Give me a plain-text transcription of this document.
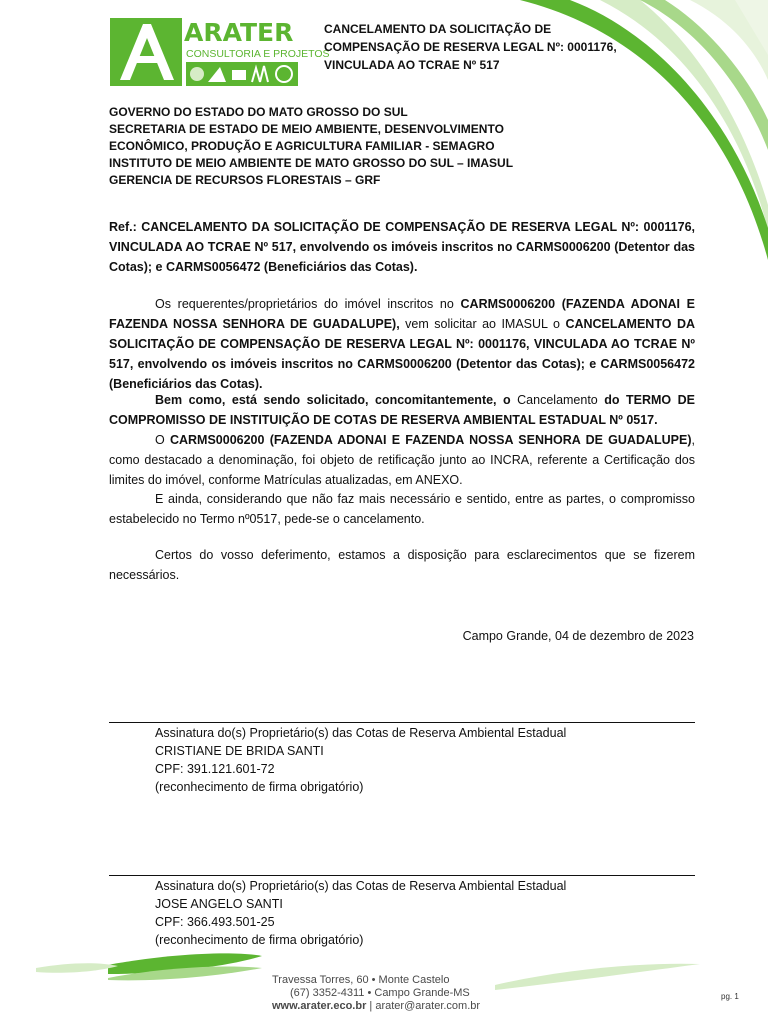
ARATER
CONSULTORIA E PROJETOS
CANCELAMENTO DA SOLICITAÇÃO DE COMPENSAÇÃO DE RESERVA LEGAL Nº: 0001176, VINCULADA AO TCRAE Nº 517
GOVERNO DO ESTADO DO MATO GROSSO DO SUL
SECRETARIA DE ESTADO DE MEIO AMBIENTE, DESENVOLVIMENTO
ECONÔMICO, PRODUÇÃO E AGRICULTURA FAMILIAR - SEMAGRO
INSTITUTO DE MEIO AMBIENTE DE MATO GROSSO DO SUL – IMASUL
GERENCIA DE RECURSOS FLORESTAIS – GRF
Ref.: CANCELAMENTO DA SOLICITAÇÃO DE COMPENSAÇÃO DE RESERVA LEGAL Nº: 0001176, VINCULADA AO TCRAE Nº 517, envolvendo os imóveis inscritos no CARMS0006200 (Detentor das Cotas); e CARMS0056472 (Beneficiários das Cotas).
Os requerentes/proprietários do imóvel inscritos no CARMS0006200 (FAZENDA ADONAI E FAZENDA NOSSA SENHORA DE GUADALUPE), vem solicitar ao IMASUL o CANCELAMENTO DA SOLICITAÇÃO DE COMPENSAÇÃO DE RESERVA LEGAL Nº: 0001176, VINCULADA AO TCRAE Nº 517, envolvendo os imóveis inscritos no CARMS0006200 (Detentor das Cotas); e CARMS0056472 (Beneficiários das Cotas).
Bem como, está sendo solicitado, concomitantemente, o Cancelamento do TERMO DE COMPROMISSO DE INSTITUIÇÃO DE COTAS DE RESERVA AMBIENTAL ESTADUAL Nº 0517.
O CARMS0006200 (FAZENDA ADONAI E FAZENDA NOSSA SENHORA DE GUADALUPE), como destacado a denominação, foi objeto de retificação junto ao INCRA, referente a Certificação dos limites do imóvel, conforme Matrículas atualizadas, em ANEXO.
E ainda, considerando que não faz mais necessário e sentido, entre as partes, o compromisso estabelecido no Termo nº0517, pede-se o cancelamento.
Certos do vosso deferimento, estamos a disposição para esclarecimentos que se fizerem necessários.
Campo Grande, 04 de dezembro de 2023
Assinatura do(s) Proprietário(s) das Cotas de Reserva Ambiental Estadual
CRISTIANE DE BRIDA SANTI
CPF: 391.121.601-72
(reconhecimento de firma obrigatório)
Assinatura do(s) Proprietário(s) das Cotas de Reserva Ambiental Estadual
JOSE ANGELO SANTI
CPF: 366.493.501-25
(reconhecimento de firma obrigatório)
Travessa Torres, 60 • Monte Castelo
(67) 3352-4311 • Campo Grande-MS
www.arater.eco.br | arater@arater.com.br
pg. 1
